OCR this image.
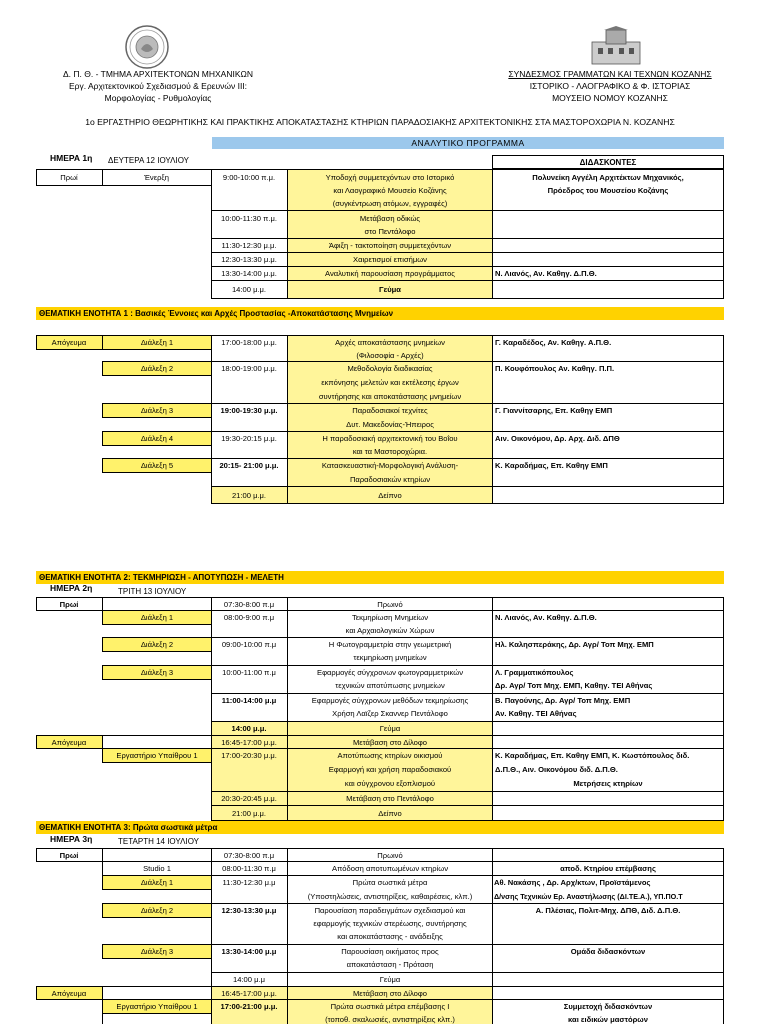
Δ. Π. Θ. - ΤΜΗΜΑ ΑΡΧΙΤΕΚΤΟΝΩΝ ΜΗΧΑΝΙΚΩΝ
Εργ. Αρχιτεκτονικού Σχεδιασμού & Ερευνών ΙΙΙ:
Μορφολογίας - Ρυθμολογίας
ΣΥΝΔΕΣΜΟΣ ΓΡΑΜΜΑΤΩΝ ΚΑΙ ΤΕΧΝΩΝ ΚΟΖΑΝΗΣ
ΙΣΤΟΡΙΚΟ - ΛΑΟΓΡΑΦΙΚΟ & Φ. ΙΣΤΟΡΙΑΣ
ΜΟΥΣΕΙΟ ΝΟΜΟΥ ΚΟΖΑΝΗΣ
1ο ΕΡΓΑΣΤΗΡΙΟ ΘΕΩΡΗΤΙΚΗΣ ΚΑΙ ΠΡΑΚΤΙΚΗΣ ΑΠΟΚΑΤΑΣΤΑΣΗΣ ΚΤΗΡΙΩΝ ΠΑΡΑΔΟΣΙΑΚΗΣ ΑΡΧΙΤΕΚΤΟΝΙΚΗΣ ΣΤΑ ΜΑΣΤΟΡΟΧΩΡΙΑ Ν. ΚΟΖΑΝΗΣ
ΑΝΑΛΥΤΙΚΟ ΠΡΟΓΡΑΜΜΑ
ΗΜΕΡΑ 1η ΔΕΥΤΕΡΑ 12 ΙΟΥΛΙΟΥ	ΔΙΔΑΣΚΟΝΤΕΣ
Πρωί	Ένερξη	9:00-10:00 π.μ.	Υποδοχή συμμετεχόντων στο Ιστορικό
και Λαογραφικό Μουσείο Κοζάνης
(συγκέντρωση ατόμων, εγγραφές)
Πολυνείκη Αγγέλη Αρχιτέκτων Μηχανικός,
Πρόεδρος του Μουσείου Κοζάνης
10:00-11:30 π.μ.	Μετάβαση οδικώς
στο Πεντάλοφο
11:30-12:30 μ.μ.	Άφιξη - τακτοποίηση συμμετεχόντων
12:30-13:30 μ.μ.	Χαιρετισμοί επισήμων
13:30-14:00 μ.μ.	Αναλυτική παρουσίαση προγράμματος	Ν. Λιανός, Αν. Καθηγ. Δ.Π.Θ.
14:00 μ.μ.	Γεύμα
ΘΕΜΑΤΙΚΗ ΕΝΟΤΗΤΑ 1 : Βασικές Έννοιες και Αρχές Προστασίας -Αποκατάστασης Μνημείων
Απόγευμα	Διάλεξη 1	17:00-18:00 μ.μ.	Αρχές αποκατάστασης μνημείων
(Φιλοσοφία - Αρχές)
Γ. Καραδέδος, Αν. Καθηγ. Α.Π.Θ.
Διάλεξη 2	18:00-19:00 μ.μ.	Μεθοδολογία διαδικασίας
εκπόνησης μελετών και εκτέλεσης έργων
συντήρησης και αποκατάστασης μνημείων
Π. Κουφόπουλος Αν. Καθηγ. Π.Π.
Διάλεξη 3	19:00-19:30 μ.μ.	Παραδοσιακοί τεχνίτες
Δυτ. Μακεδονίας-Ήπειρος
Γ. Γιαννίτσαρης, Επ. Καθηγ ΕΜΠ
Διάλεξη 4	19:30-20:15 μ.μ.	Η παραδοσιακή αρχιτεκτονική του Βοΐου
και τα Μαστοροχώρια.
Αιν. Οικονόμου, Δρ. Αρχ. Διδ. ΔΠΘ
Διάλεξη 5	20:15- 21:00 μ.μ.	Κατασκευαστική-Μορφολογική Ανάλυση-
Παραδοσιακών κτηρίων
Κ. Καραδήμας, Επ. Καθηγ ΕΜΠ
21:00 μ.μ.	Δείπνο
ΘΕΜΑΤΙΚΗ ΕΝΟΤΗΤΑ 2: ΤΕΚΜΗΡΙΩΣΗ - ΑΠΟΤΥΠΩΣΗ - ΜΕΛΕΤΗ
ΗΜΕΡΑ 2η	ΤΡΙΤΗ 13 ΙΟΥΛΙΟΥ
Πρωί	07:30-8:00 π.μ	Πρωινό
Διάλεξη 1	08:00-9:00 π.μ	Τεκμηρίωση Μνημείων
και Αρχαιολογικών Χώρων
Ν. Λιανός, Αν. Καθηγ. Δ.Π.Θ.
Διάλεξη 2	09:00-10:00 π.μ	Η Φωτογραμμετρία στην γεωμετρική
τεκμηρίωση μνημείων
Ηλ. Καλησπεράκης, Δρ. Αγρ/ Τοπ Μηχ. ΕΜΠ
Διάλεξη 3	10:00-11:00 π.μ	Εφαρμογές σύγχρονων φωτογραμμετρικών
τεχνικών αποτύπωσης μνημείων
Λ. Γραμματικόπουλος
Δρ. Αγρ/ Τοπ Μηχ. ΕΜΠ, Καθηγ. ΤΕΙ Αθήνας
11:00-14:00 μ.μ	Εφαρμογές σύγχρονων μεθόδων τεκμηρίωσης
Χρήση Λαϊζερ Σκαννερ Πεντάλοφο
Β. Παγούνης, Δρ. Αγρ/ Τοπ Μηχ. ΕΜΠ
Αν. Καθηγ. ΤΕΙ Αθήνας
14:00 μ.μ.	Γεύμα
Απόγευμα	16:45-17:00 μ.μ.	Μετάβαση στο Δίλοφο
Εργαστήριο Υπαίθρου 1	17:00-20:30 μ.μ.	Αποτύπωσης κτηρίων οικισμού
Εφαρμογή και χρήση παραδοσιακού
και σύγχρονου εξοπλισμού
Κ. Καραδήμας, Επ. Καθηγ ΕΜΠ, Κ. Κωστόπουλος διδ.
Δ.Π.Θ., Αιν. Οικονόμου διδ. Δ.Π.Θ.
Μετρήσεις κτηρίων
20:30-20:45 μ.μ.	Μετάβαση στο Πεντάλοφο
21:00 μ.μ.	Δείπνο
ΘΕΜΑΤΙΚΗ ΕΝΟΤΗΤΑ 3: Πρώτα σωστικά μέτρα
ΗΜΕΡΑ 3η	ΤΕΤΑΡΤΗ 14 ΙΟΥΛΙΟΥ
Πρωί	07:30-8:00 π.μ	Πρωινό
Studio 1	08:00-11:30 π.μ	Απόδοση αποτυπωμένων κτηρίων	αποδ. Κτηρίου επέμβασης
Διάλεξη 1	11:30-12:30 μ.μ	Πρώτα σωστικά μέτρα
(Υποστηλώσεις, αντιστηρίξεις, καθαιρέσεις, κλπ.)
Αθ. Νακάσης , Δρ. Αρχ/κτων, Προϊστάμενος
Δ/νσης Τεχνικών Ερ. Αναστήλωσης (ΔΙ.ΤΕ.Α.), ΥΠ.ΠΟ.Τ
Διάλεξη 2	12:30-13:30 μ.μ	Παρουσίαση παραδειγμάτων σχεδιασμού και
εφαρμογής τεχνικών στερέωσης, συντήρησης
και αποκατάστασης - ανάδειξης
Α. Πλέσιας, Πολιτ-Μηχ. ΔΠΘ, Διδ. Δ.Π.Θ.
Διάλεξη 3	13:30-14:00 μ.μ	Παρουσίαση οικήματος προς
αποκατάσταση - Πρόταση
Ομάδα διδασκόντων
14:00 μ.μ	Γεύμα
Απόγευμα	16:45-17:00 μ.μ.	Μετάβαση στο Δίλοφο
Εργαστήριο Υπαίθρου 1	17:00-21:00 μ.μ.	Πρώτα σωστικά μέτρα επέμβασης Ι
(τοποθ. σκαλωσιές, αντιστηρίξεις κλπ.)
Συμμετοχή διδασκόντων
και ειδικών μαστόρων
